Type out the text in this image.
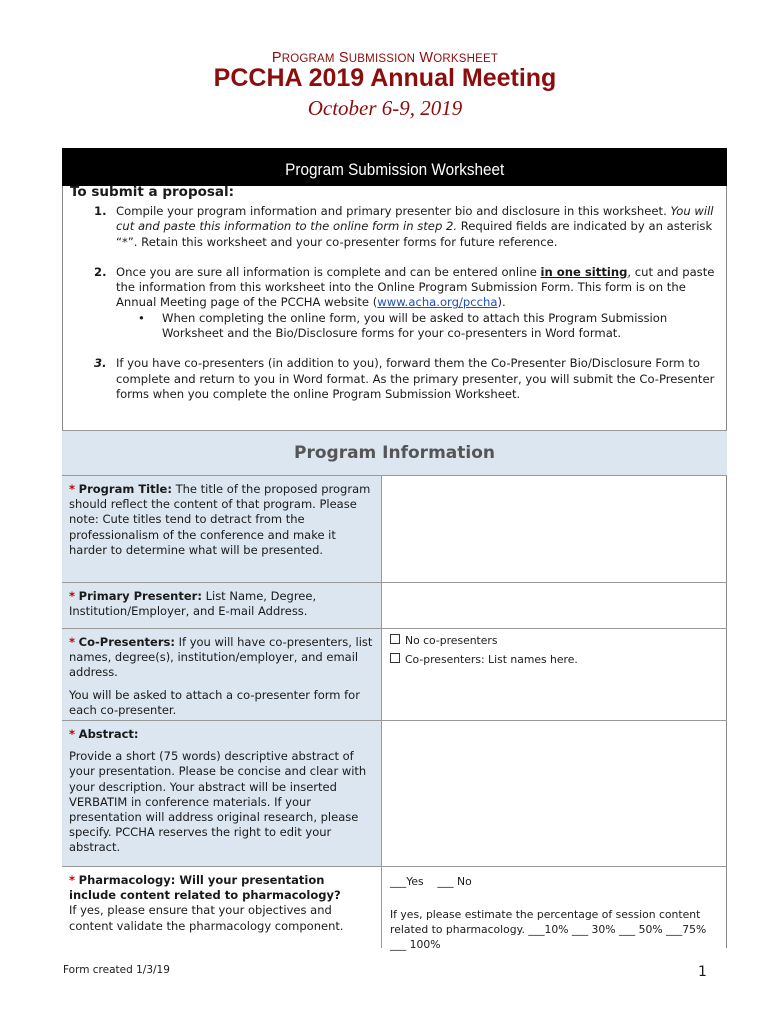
PROGRAM SUBMISSION WORKSHEET
PCCHA 2019 Annual Meeting
October 6-9, 2019
Program Submission Worksheet
To submit a proposal:
1. Compile your program information and primary presenter bio and disclosure in this worksheet. You will cut and paste this information to the online form in step 2. Required fields are indicated by an asterisk “*”. Retain this worksheet and your co-presenter forms for future reference.
2. Once you are sure all information is complete and can be entered online in one sitting, cut and paste the information from this worksheet into the Online Program Submission Form. This form is on the Annual Meeting page of the PCCHA website (www.acha.org/pccha).
• When completing the online form, you will be asked to attach this Program Submission Worksheet and the Bio/Disclosure forms for your co-presenters in Word format.
3. If you have co-presenters (in addition to you), forward them the Co-Presenter Bio/Disclosure Form to complete and return to you in Word format. As the primary presenter, you will submit the Co-Presenter forms when you complete the online Program Submission Worksheet.
Program Information
* Program Title: The title of the proposed program should reflect the content of that program. Please note: Cute titles tend to detract from the professionalism of the conference and make it harder to determine what will be presented.
* Primary Presenter: List Name, Degree, Institution/Employer, and E-mail Address.
* Co-Presenters: If you will have co-presenters, list names, degree(s), institution/employer, and email address.
You will be asked to attach a co-presenter form for each co-presenter.
No co-presenters
Co-presenters: List names here.
* Abstract:
Provide a short (75 words) descriptive abstract of your presentation. Please be concise and clear with your description. Your abstract will be inserted VERBATIM in conference materials. If your presentation will address original research, please specify. PCCHA reserves the right to edit your abstract.
* Pharmacology: Will your presentation include content related to pharmacology?
If yes, please ensure that your objectives and content validate the pharmacology component.
___Yes ___ No
If yes, please estimate the percentage of session content related to pharmacology. ___10% ___ 30% ___ 50% ___75% ___ 100%
Form created 1/3/19	1
